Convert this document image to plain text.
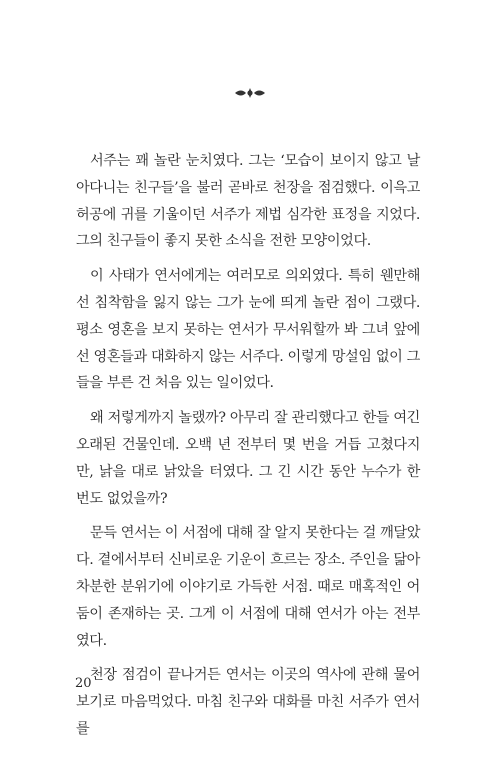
서주는 꽤 놀란 눈치였다. 그는 ‘모습이 보이지 않고 날아다니는 친구들’을 불러 곧바로 천장을 점검했다. 이윽고 허공에 귀를 기울이던 서주가 제법 심각한 표정을 지었다. 그의 친구들이 좋지 못한 소식을 전한 모양이었다.

이 사태가 연서에게는 여러모로 의외였다. 특히 웬만해선 침착함을 잃지 않는 그가 눈에 띄게 놀란 점이 그랬다. 평소 영혼을 보지 못하는 연서가 무서워할까 봐 그녀 앞에선 영혼들과 대화하지 않는 서주다. 이렇게 망설임 없이 그들을 부른 건 처음 있는 일이었다.

왜 저렇게까지 놀랬까? 아무리 잘 관리했다고 한들 여긴 오래된 건물인데. 오백 년 전부터 몇 번을 거듭 고쳤다지만, 낡을 대로 낡았을 터였다. 그 긴 시간 동안 누수가 한 번도 없었을까?

문득 연서는 이 서점에 대해 잘 알지 못한다는 걸 깨달았다. 곁에서부터 신비로운 기운이 흐르는 장소. 주인을 닮아 차분한 분위기에 이야기로 가득한 서점. 때로 매혹적인 어둠이 존재하는 곳. 그게 이 서점에 대해 연서가 아는 전부였다.

천장 점검이 끝나거든 연서는 이곳의 역사에 관해 물어보기로 마음먹었다. 마침 친구와 대화를 마친 서주가 연서를

20
